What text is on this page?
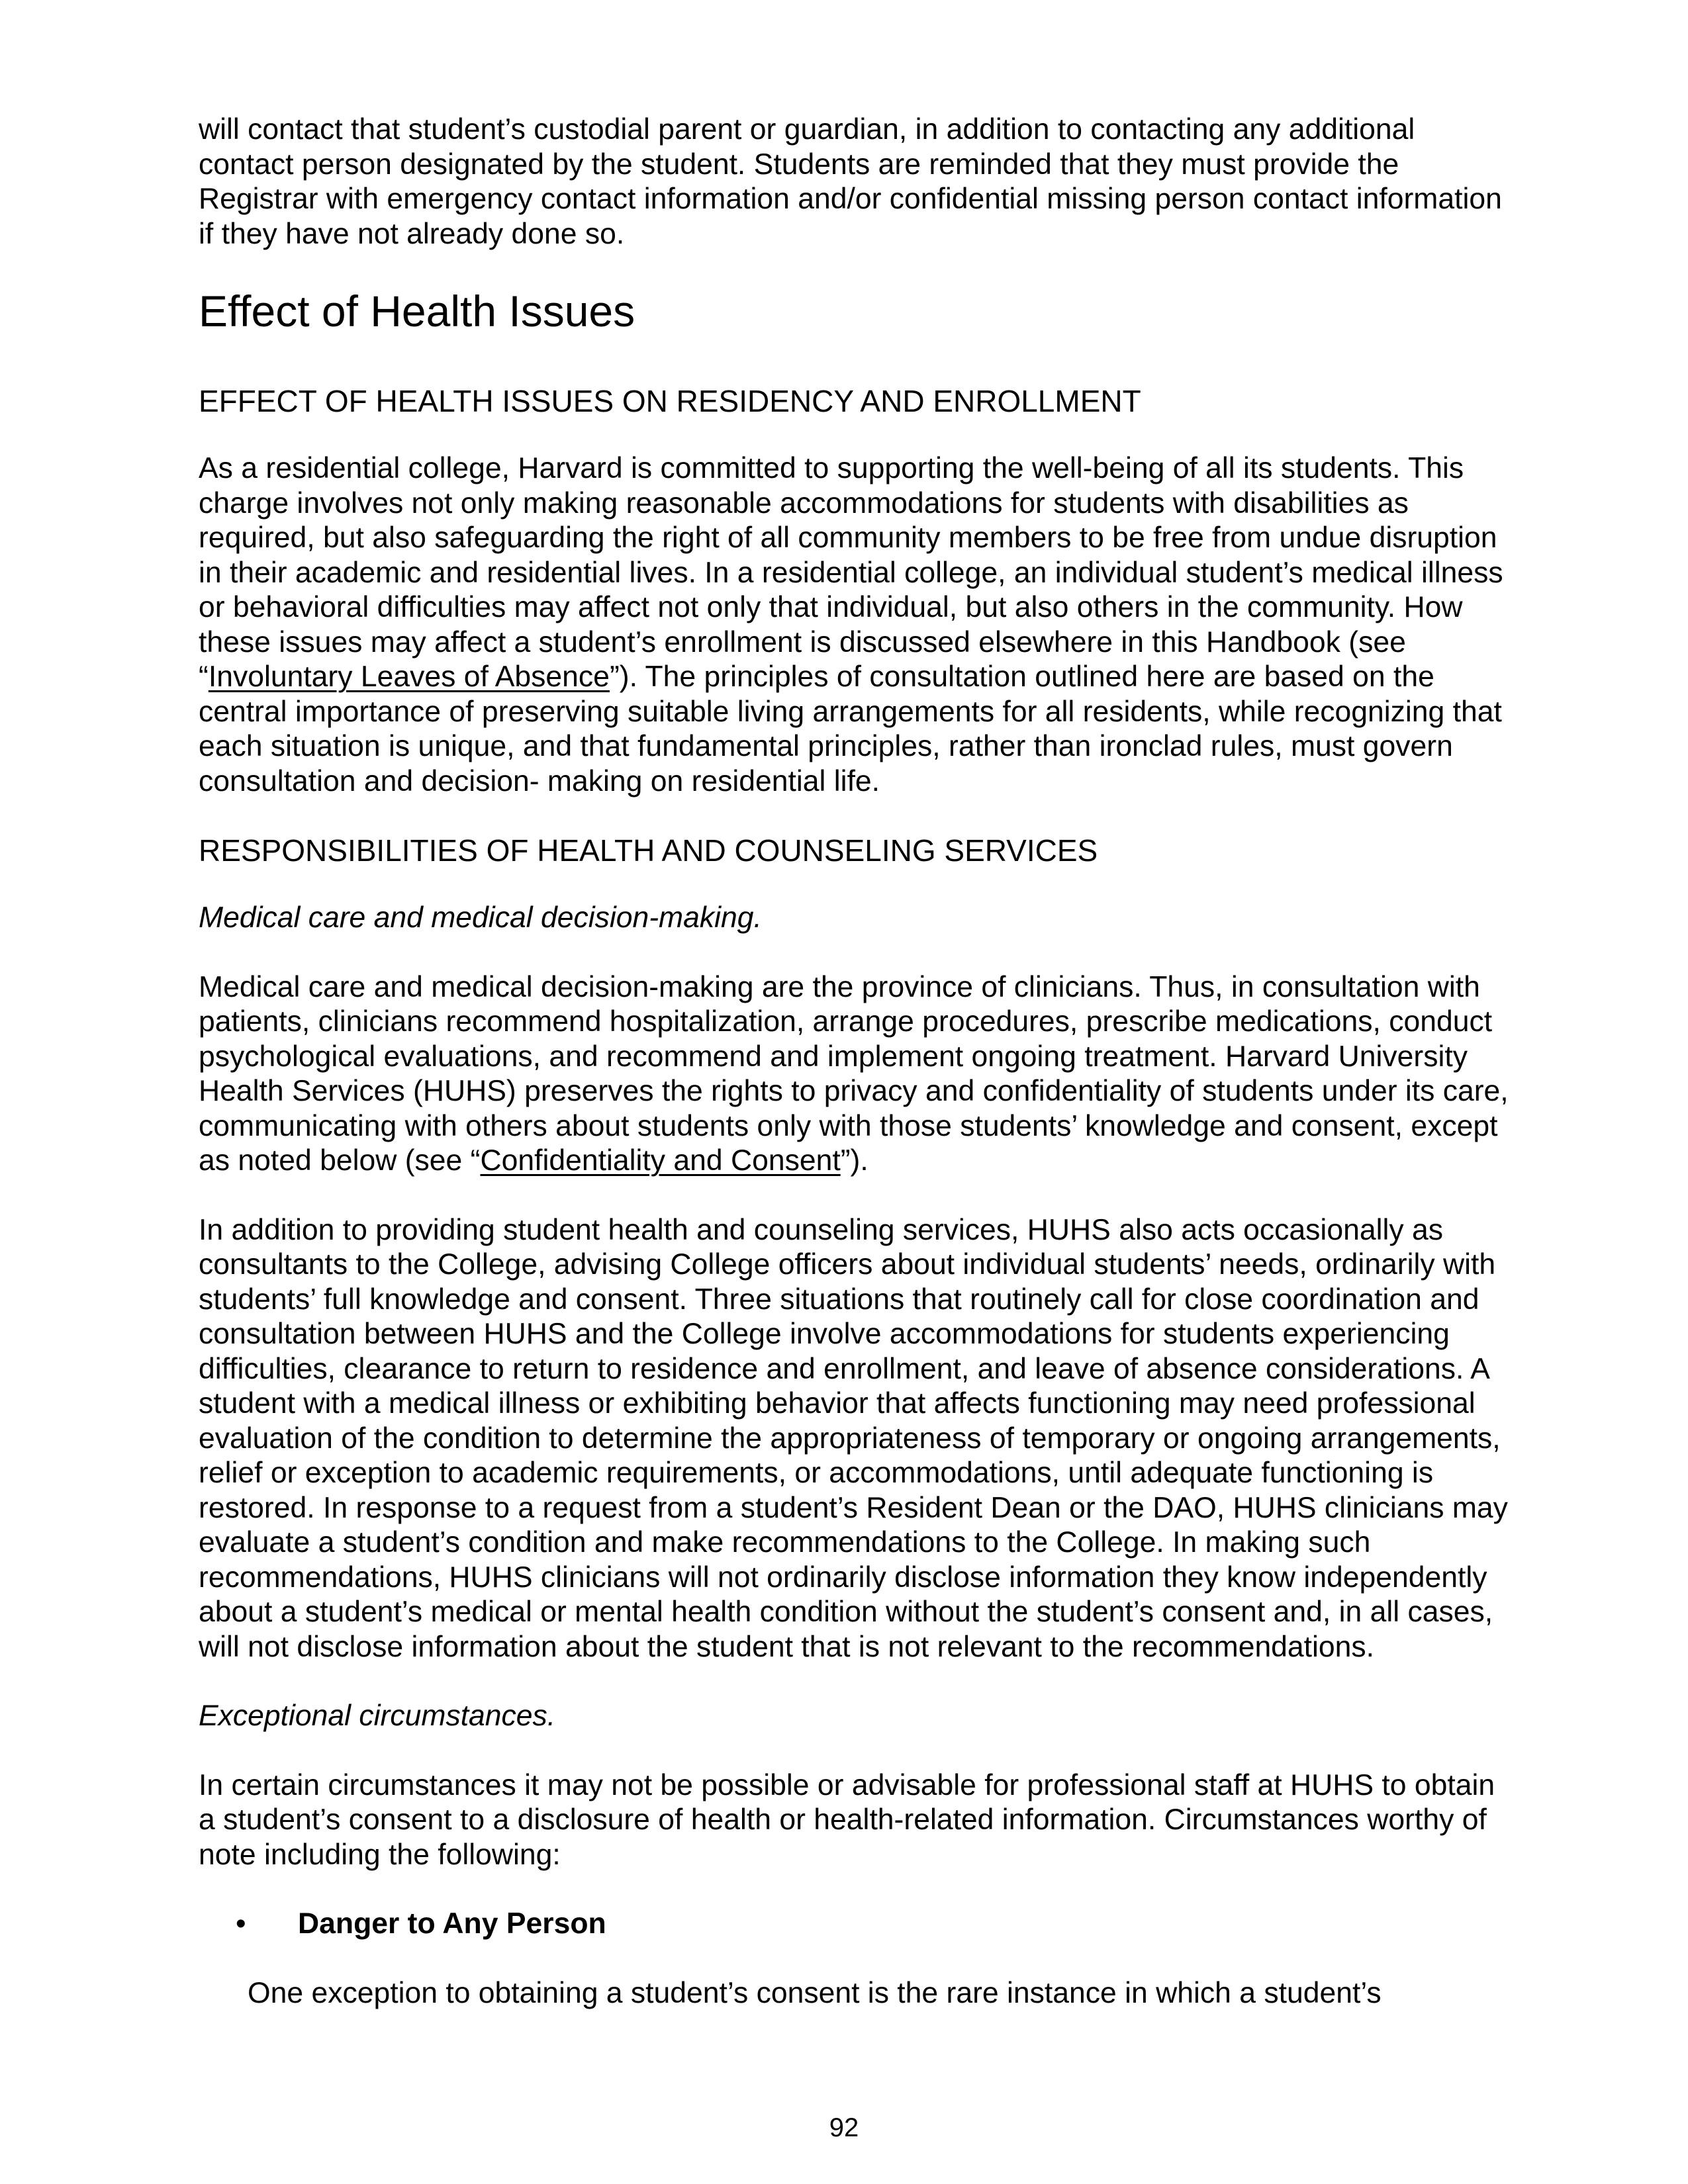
will contact that student’s custodial parent or guardian, in addition to contacting any additional contact person designated by the student. Students are reminded that they must provide the Registrar with emergency contact information and/or confidential missing person contact information if they have not already done so.

Effect of Health Issues
EFFECT OF HEALTH ISSUES ON RESIDENCY AND ENROLLMENT

As a residential college, Harvard is committed to supporting the well-being of all its students. This charge involves not only making reasonable accommodations for students with disabilities as required, but also safeguarding the right of all community members to be free from undue disruption in their academic and residential lives. In a residential college, an individual student’s medical illness or behavioral difficulties may affect not only that individual, but also others in the community. How these issues may affect a student’s enrollment is discussed elsewhere in this Handbook (see “Involuntary Leaves of Absence”). The principles of consultation outlined here are based on the central importance of preserving suitable living arrangements for all residents, while recognizing that each situation is unique, and that fundamental principles, rather than ironclad rules, must govern consultation and decision- making on residential life.

RESPONSIBILITIES OF HEALTH AND COUNSELING SERVICES

Medical care and medical decision-making.

Medical care and medical decision-making are the province of clinicians. Thus, in consultation with patients, clinicians recommend hospitalization, arrange procedures, prescribe medications, conduct psychological evaluations, and recommend and implement ongoing treatment. Harvard University Health Services (HUHS) preserves the rights to privacy and confidentiality of students under its care, communicating with others about students only with those students’ knowledge and consent, except as noted below (see “Confidentiality and Consent”).

In addition to providing student health and counseling services, HUHS also acts occasionally as consultants to the College, advising College officers about individual students’ needs, ordinarily with students’ full knowledge and consent. Three situations that routinely call for close coordination and consultation between HUHS and the College involve accommodations for students experiencing difficulties, clearance to return to residence and enrollment, and leave of absence considerations. A student with a medical illness or exhibiting behavior that affects functioning may need professional evaluation of the condition to determine the appropriateness of temporary or ongoing arrangements, relief or exception to academic requirements, or accommodations, until adequate functioning is restored. In response to a request from a student’s Resident Dean or the DAO, HUHS clinicians may evaluate a student’s condition and make recommendations to the College. In making such recommendations, HUHS clinicians will not ordinarily disclose information they know independently about a student’s medical or mental health condition without the student’s consent and, in all cases, will not disclose information about the student that is not relevant to the recommendations.

Exceptional circumstances.

In certain circumstances it may not be possible or advisable for professional staff at HUHS to obtain a student’s consent to a disclosure of health or health-related information. Circumstances worthy of note including the following:

•	Danger to Any Person

One exception to obtaining a student’s consent is the rare instance in which a student’s

92
